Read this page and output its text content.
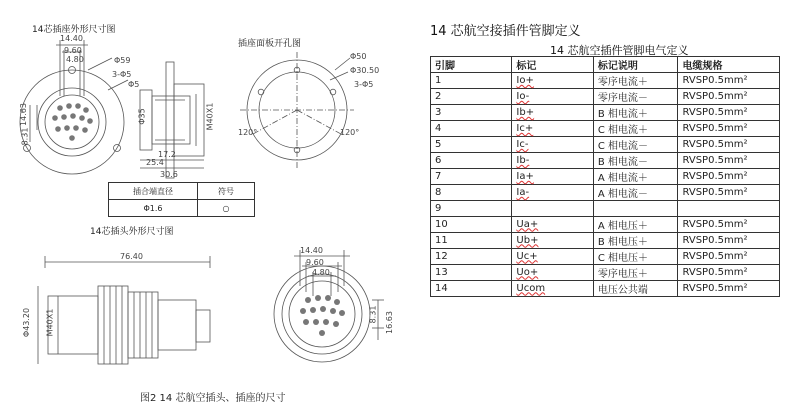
14芯插座外形尺寸图
插座面板开孔图
14芯插头外形尺寸图
图2 14 芯航空插头、插座的尺寸
14.40
9.60
4.80
3-Φ5
Φ59
Φ5
14.63
8.31
Φ35	M40X1
17.2
30.6
25.4
Φ50
Φ30.50
3-Φ5
120°	120°
76.40
Φ43.20 M40X1
14.40
9.60
4.80
16.63
8.31
插合端直径	符号
Φ1.6	○
14 芯航空接插件管脚定义
14 芯航空插件管脚电气定义
引脚	标记	标记说明	电缆规格
1	Io+	零序电流＋	RVSP0.5mm²
2	Io-	零序电流－	RVSP0.5mm²
3	Ib+	B 相电流＋	RVSP0.5mm²
4	Ic+	C 相电流＋	RVSP0.5mm²
5	Ic-	C 相电流－	RVSP0.5mm²
6	Ib-	B 相电流－	RVSP0.5mm²
7	Ia+	A 相电流＋	RVSP0.5mm²
8	Ia-	A 相电流－	RVSP0.5mm²
9			
10	Ua+	A 相电压＋	RVSP0.5mm²
11	Ub+	B 相电压＋	RVSP0.5mm²
12	Uc+	C 相电压＋	RVSP0.5mm²
13	Uo+	零序电压＋	RVSP0.5mm²
14	Ucom	电压公共端	RVSP0.5mm²
